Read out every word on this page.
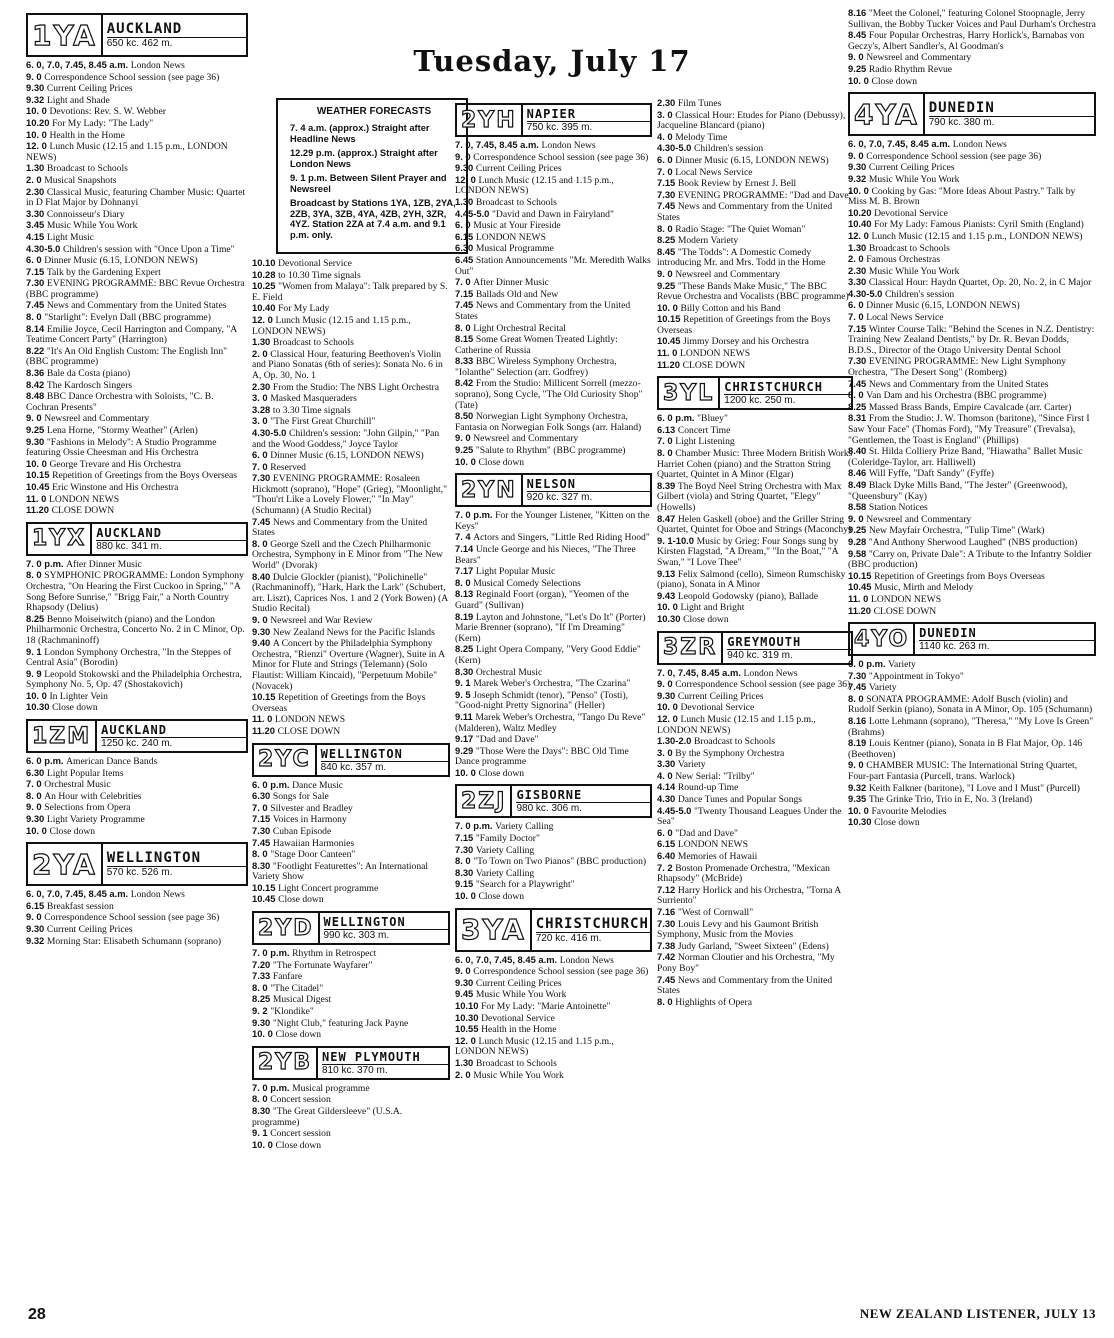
Tuesday, July 17
WEATHER FORECASTS

7. 4 a.m. (approx.) Straight after Headline News

12.29 p.m. (approx.) Straight after London News

9. 1 p.m. Between Silent Prayer and Newsreel

Broadcast by Stations 1YA, 1ZB, 2YA, 2ZB, 3YA, 3ZB, 4YA, 4ZB, 2YH, 3ZR, 4YZ. Station 2ZA at 7.4 a.m. and 9.1 p.m. only.

1YA AUCKLAND
650 kc. 462 m.

6. 0, 7.0, 7.45, 8.45 a.m. London News

9. 0 Correspondence School session (see page 36)

9.30 Current Ceiling Prices

9.32 Light and Shade

10. 0 Devotions: Rev. S. W. Webber

10.20 For My Lady: "The Lady"

10. 0 Health in the Home

12. 0 Lunch Music (12.15 and 1.15 p.m., LONDON NEWS)

1.30 Broadcast to Schools

2. 0 Musical Snapshots

2.30 Classical Music, featuring Chamber Music: Quartet in D Flat Major by Dohnanyi

3.30 Connoisseur's Diary

3.45 Music While You Work

4.15 Light Music

4.30-5.0 Children's session with "Once Upon a Time"

6. 0 Dinner Music (6.15, LONDON NEWS)

7.15 Talk by the Gardening Expert

7.30 EVENING PROGRAMME: BBC Revue Orchestra (BBC programme)

7.45 News and Commentary from the United States

8. 0 "Starlight": Evelyn Dall (BBC programme)

8.14 Emilie Joyce, Cecil Harrington and Company, "A Teatime Concert Party" (Harrington)

8.22 "It's An Old English Custom: The English Inn" (BBC programme)

8.36 Bale da Costa (piano)

8.42 The Kardosch Singers

8.48 BBC Dance Orchestra with Soloists, "C. B. Cochran Presents"

9. 0 Newsreel and Commentary

9.25 Lena Horne, "Stormy Weather" (Arlen)

9.30 "Fashions in Melody": A Studio Programme featuring Ossie Cheesman and His Orchestra

10. 0 George Trevare and His Orchestra

10.15 Repetition of Greetings from the Boys Overseas

10.45 Eric Winstone and His Orchestra

11. 0 LONDON NEWS

11.20 CLOSE DOWN

1YX AUCKLAND
880 kc. 341 m.

7. 0 p.m. After Dinner Music

8. 0 SYMPHONIC PROGRAMME: London Symphony Orchestra, "On Hearing the First Cuckoo in Spring," "A Song Before Sunrise," "Brigg Fair," a North Country Rhapsody (Delius)

8.25 Benno Moiseiwitch (piano) and the London Philharmonic Orchestra, Concerto No. 2 in C Minor, Op. 18 (Rachmaninoff)

9. 1 London Symphony Orchestra, "In the Steppes of Central Asia" (Borodin)

9. 9 Leopold Stokowski and the Philadelphia Orchestra, Symphony No. 5, Op. 47 (Shostakovich)

10. 0 In Lighter Vein

10.30 Close down

1ZM AUCKLAND
1250 kc. 240 m.

6. 0 p.m. American Dance Bands

6.30 Light Popular Items

7. 0 Orchestral Music

8. 0 An Hour with Celebrities

9. 0 Selections from Opera

9.30 Light Variety Programme

10. 0 Close down

2YA WELLINGTON
570 kc. 526 m.

6. 0, 7.0, 7.45, 8.45 a.m. London News

6.15 Breakfast session

9. 0 Correspondence School session (see page 36)

9.30 Current Ceiling Prices

9.32 Morning Star: Elisabeth Schumann (soprano)

10.10 Devotional Service

10.28 to 10.30 Time signals

10.25 "Women from Malaya": Talk prepared by S. E. Field

10.40 For My Lady

12. 0 Lunch Music (12.15 and 1.15 p.m., LONDON NEWS)

1.30 Broadcast to Schools

2. 0 Classical Hour, featuring Beethoven's Violin and Piano Sonatas (6th of series): Sonata No. 6 in A, Op. 30, No. 1

2.30 From the Studio: The NBS Light Orchestra

3. 0 Masked Masqueraders

3.28 to 3.30 Time signals

3. 0 "The First Great Churchill"

4.30-5.0 Children's session: "John Gilpin," "Pan and the Wood Goddess," Joyce Taylor

6. 0 Dinner Music (6.15, LONDON NEWS)

7. 0 Reserved

7.30 EVENING PROGRAMME: Rosaleen Hickmott (soprano), "Hope" (Grieg), "Moonlight," "Thou'rt Like a Lovely Flower," "In May" (Schumann) (A Studio Recital)

7.45 News and Commentary from the United States

8. 0 George Szell and the Czech Philharmonic Orchestra, Symphony in E Minor from "The New World" (Dvorak)

8.40 Dulcie Glockler (pianist), "Polichinelle" (Rachmaninoff), "Hark, Hark the Lark" (Schubert, arr. Liszt), Caprices Nos. 1 and 2 (York Bowen) (A Studio Recital)

9. 0 Newsreel and War Review

9.30 New Zealand News for the Pacific Islands

9.40 A Concert by the Philadelphia Symphony Orchestra, "Rienzi" Overture (Wagner), Suite in A Minor for Flute and Strings (Telemann) (Solo Flautist: William Kincaid), "Perpetuum Mobile" (Novacek)

10.15 Repetition of Greetings from the Boys Overseas

11. 0 LONDON NEWS

11.20 CLOSE DOWN

2YC WELLINGTON
840 kc. 357 m.

6. 0 p.m. Dance Music

6.30 Songs for Sale

7. 0 Silvester and Bradley

7.15 Voices in Harmony

7.30 Cuban Episode

7.45 Hawaiian Harmonies

8. 0 "Stage Door Canteen"

8.30 "Footlight Featurettes": An International Variety Show

10.15 Light Concert programme

10.45 Close down

2YD WELLINGTON
990 kc. 303 m.

7. 0 p.m. Rhythm in Retrospect

7.20 "The Fortunate Wayfarer"

7.33 Fanfare

8. 0 "The Citadel"

8.25 Musical Digest

9. 2 "Klondike"

9.30 "Night Club," featuring Jack Payne

10. 0 Close down

2YB NEW PLYMOUTH
810 kc. 370 m.

7. 0 p.m. Musical programme

8. 0 Concert session

8.30 "The Great Gildersleeve" (U.S.A. programme)

9. 1 Concert session

10. 0 Close down

2YH NAPIER
750 kc. 395 m.

7. 0, 7.45, 8.45 a.m. London News

9. 0 Correspondence School session (see page 36)

9.30 Current Ceiling Prices

12. 0 Lunch Music (12.15 and 1.15 p.m., LONDON NEWS)

1.30 Broadcast to Schools

4.45-5.0 "David and Dawn in Fairyland"

6. 0 Music at Your Fireside

6.15 LONDON NEWS

6.30 Musical Programme

6.45 Station Announcements "Mr. Meredith Walks Out"

7. 0 After Dinner Music

7.15 Ballads Old and New

7.45 News and Commentary from the United States

8. 0 Light Orchestral Recital

8.15 Some Great Women Treated Lightly: Catherine of Russia

8.33 BBC Wireless Symphony Orchestra, "Iolanthe" Selection (arr. Godfrey)

8.42 From the Studio: Millicent Sorrell (mezzo-soprano), Song Cycle, "The Old Curiosity Shop" (Tate)

8.50 Norwegian Light Symphony Orchestra, Fantasia on Norwegian Folk Songs (arr. Haland)

9. 0 Newsreel and Commentary

9.25 "Salute to Rhythm" (BBC programme)

10. 0 Close down

2YN NELSON
920 kc. 327 m.

7. 0 p.m. For the Younger Listener, "Kitten on the Keys"

7. 4 Actors and Singers, "Little Red Riding Hood"

7.14 Uncle George and his Nieces, "The Three Bears"

7.17 Light Popular Music

8. 0 Musical Comedy Selections

8.13 Reginald Foort (organ), "Yeomen of the Guard" (Sullivan)

8.19 Layton and Johnstone, "Let's Do It" (Porter)

Marie Brenner (soprano), "If I'm Dreaming" (Kern)

8.25 Light Opera Company, "Very Good Eddie" (Kern)

8.30 Orchestral Music

9. 1 Marek Weber's Orchestra, "The Czarina"

9. 5 Joseph Schmidt (tenor), "Penso" (Tosti), "Good-night Pretty Signorina" (Heller)

9.11 Marek Weber's Orchestra, "Tango Du Reve" (Malderen), Waltz Medley

9.17 "Dad and Dave"

9.29 "Those Were the Days": BBC Old Time Dance programme

10. 0 Close down

2ZJ GISBORNE
980 kc. 306 m.

7. 0 p.m. Variety Calling

7.15 "Family Doctor"

7.30 Variety Calling

8. 0 "To Town on Two Pianos" (BBC production)

8.30 Variety Calling

9.15 "Search for a Playwright"

10. 0 Close down

3YA CHRISTCHURCH
720 kc. 416 m.

6. 0, 7.0, 7.45, 8.45 a.m. London News

9. 0 Correspondence School session (see page 36)

9.30 Current Ceiling Prices

9.45 Music While You Work

10.10 For My Lady: "Marie Antoinette"

10.30 Devotional Service

10.55 Health in the Home

12. 0 Lunch Music (12.15 and 1.15 p.m., LONDON NEWS)

1.30 Broadcast to Schools

2. 0 Music While You Work

2.30 Film Tunes

3. 0 Classical Hour: Etudes for Piano (Debussy), Jacqueline Blancard (piano)

4. 0 Melody Time

4.30-5.0 Children's session

6. 0 Dinner Music (6.15, LONDON NEWS)

7. 0 Local News Service

7.15 Book Review by Ernest J. Bell

7.30 EVENING PROGRAMME: "Dad and Dave"

7.45 News and Commentary from the United States

8. 0 Radio Stage: "The Quiet Woman"

8.25 Modern Variety

8.45 "The Todds": A Domestic Comedy introducing Mr. and Mrs. Todd in the Home

9. 0 Newsreel and Commentary

9.25 "These Bands Make Music," The BBC Revue Orchestra and Vocalists (BBC programme)

10. 0 Billy Cotton and his Band

10.15 Repetition of Greetings from the Boys Overseas

10.45 Jimmy Dorsey and his Orchestra

11. 0 LONDON NEWS

11.20 CLOSE DOWN

3YL CHRISTCHURCH
1200 kc. 250 m.

6. 0 p.m. "Bluey"

6.13 Concert Time

7. 0 Light Listening

8. 0 Chamber Music: Three Modern British Works

Harriet Cohen (piano) and the Stratton String Quartet, Quintet in A Minor (Elgar)

8.39 The Boyd Neel String Orchestra with Max Gilbert (viola) and String Quartet, "Elegy" (Howells)

8.47 Helen Gaskell (oboe) and the Griller String Quartet, Quintet for Oboe and Strings (Maconchy)

9. 1-10.0 Music by Grieg: Four Songs sung by Kirsten Flagstad, "A Dream," "In the Boat," "A Swan," "I Love Thee"

9.13 Felix Salmond (cello), Simeon Rumschisky (piano), Sonata in A Minor

9.43 Leopold Godowsky (piano), Ballade

10. 0 Light and Bright

10.30 Close down

3ZR GREYMOUTH
940 kc. 319 m.

7. 0, 7.45, 8.45 a.m. London News

9. 0 Correspondence School session (see page 36)

9.30 Current Ceiling Prices

10. 0 Devotional Service

12. 0 Lunch Music (12.15 and 1.15 p.m., LONDON NEWS)

1.30-2.0 Broadcast to Schools

3. 0 By the Symphony Orchestra

3.30 Variety

4. 0 New Serial: "Trilby"

4.14 Round-up Time

4.30 Dance Tunes and Popular Songs

4.45-5.0 "Twenty Thousand Leagues Under the Sea"

6. 0 "Dad and Dave"

6.15 LONDON NEWS

6.40 Memories of Hawaii

7. 2 Boston Promenade Orchestra, "Mexican Rhapsody" (McBride)

7.12 Harry Horlick and his Orchestra, "Torna A Surriento"

7.16 "West of Cornwall"

7.30 Louis Levy and his Gaumont British Symphony, Music from the Movies

7.38 Judy Garland, "Sweet Sixteen" (Edens)

7.42 Norman Cloutier and his Orchestra, "My Pony Boy"

7.45 News and Commentary from the United States

8. 0 Highlights of Opera

8.16 "Meet the Colonel," featuring Colonel Stoopnagle, Jerry Sullivan, the Bobby Tucker Voices and Paul Durham's Orchestra

8.45 Four Popular Orchestras, Harry Horlick's, Barnabas von Geczy's, Albert Sandler's, Al Goodman's

9. 0 Newsreel and Commentary

9.25 Radio Rhythm Revue

10. 0 Close down

4YA DUNEDIN
790 kc. 380 m.

6. 0, 7.0, 7.45, 8.45 a.m. London News

9. 0 Correspondence School session (see page 36)

9.30 Current Ceiling Prices

9.32 Music While You Work

10. 0 Cooking by Gas: "More Ideas About Pastry." Talk by Miss M. B. Brown

10.20 Devotional Service

10.40 For My Lady: Famous Pianists: Cyril Smith (England)

12. 0 Lunch Music (12.15 and 1.15 p.m., LONDON NEWS)

1.30 Broadcast to Schools

2. 0 Famous Orchestras

2.30 Music While You Work

3.30 Classical Hour: Haydn Quartet, Op. 20, No. 2, in C Major

4.30-5.0 Children's session

6. 0 Dinner Music (6.15, LONDON NEWS)

7. 0 Local News Service

7.15 Winter Course Talk: "Behind the Scenes in N.Z. Dentistry: Training New Zealand Dentists," by Dr. R. Bevan Dodds, B.D.S., Director of the Otago University Dental School

7.30 EVENING PROGRAMME: New Light Symphony Orchestra, "The Desert Song" (Romberg)

7.45 News and Commentary from the United States

8. 0 Van Dam and his Orchestra (BBC programme)

8.25 Massed Brass Bands, Empire Cavalcade (arr. Carter)

8.31 From the Studio: J. W. Thomson (baritone), "Since First I Saw Your Face" (Thomas Ford), "My Treasure" (Trevalsa), "Gentlemen, the Toast is England" (Phillips)

8.40 St. Hilda Colliery Prize Band, "Hiawatha" Ballet Music (Coleridge-Taylor, arr. Halliwell)

8.46 Will Fyffe, "Daft Sandy" (Fyffe)

8.49 Black Dyke Mills Band, "The Jester" (Greenwood), "Queensbury" (Kay)

8.58 Station Notices

9. 0 Newsreel and Commentary

9.25 New Mayfair Orchestra, "Tulip Time" (Wark)

9.28 "And Anthony Sherwood Laughed" (NBS production)

9.58 "Carry on, Private Dale": A Tribute to the Infantry Soldier (BBC production)

10.15 Repetition of Greetings from Boys Overseas

10.45 Music, Mirth and Melody

11. 0 LONDON NEWS

11.20 CLOSE DOWN

4YO DUNEDIN
1140 kc. 263 m.

6. 0 p.m. Variety

7.30 "Appointment in Tokyo"

7.45 Variety

8. 0 SONATA PROGRAMME: Adolf Busch (violin) and Rudolf Serkin (piano), Sonata in A Minor, Op. 105 (Schumann)

8.16 Lotte Lehmann (soprano), "Theresa," "My Love Is Green" (Brahms)

8.19 Louis Kentner (piano), Sonata in B Flat Major, Op. 146 (Beethoven)

9. 0 CHAMBER MUSIC: The International String Quartet, Four-part Fantasia (Purcell, trans. Warlock)

9.32 Keith Falkner (baritone), "I Love and I Must" (Purcell)

9.35 The Grinke Trio, Trio in E, No. 3 (Ireland)

10. 0 Favourite Melodies

10.30 Close down

28	NEW ZEALAND LISTENER, JULY 13
